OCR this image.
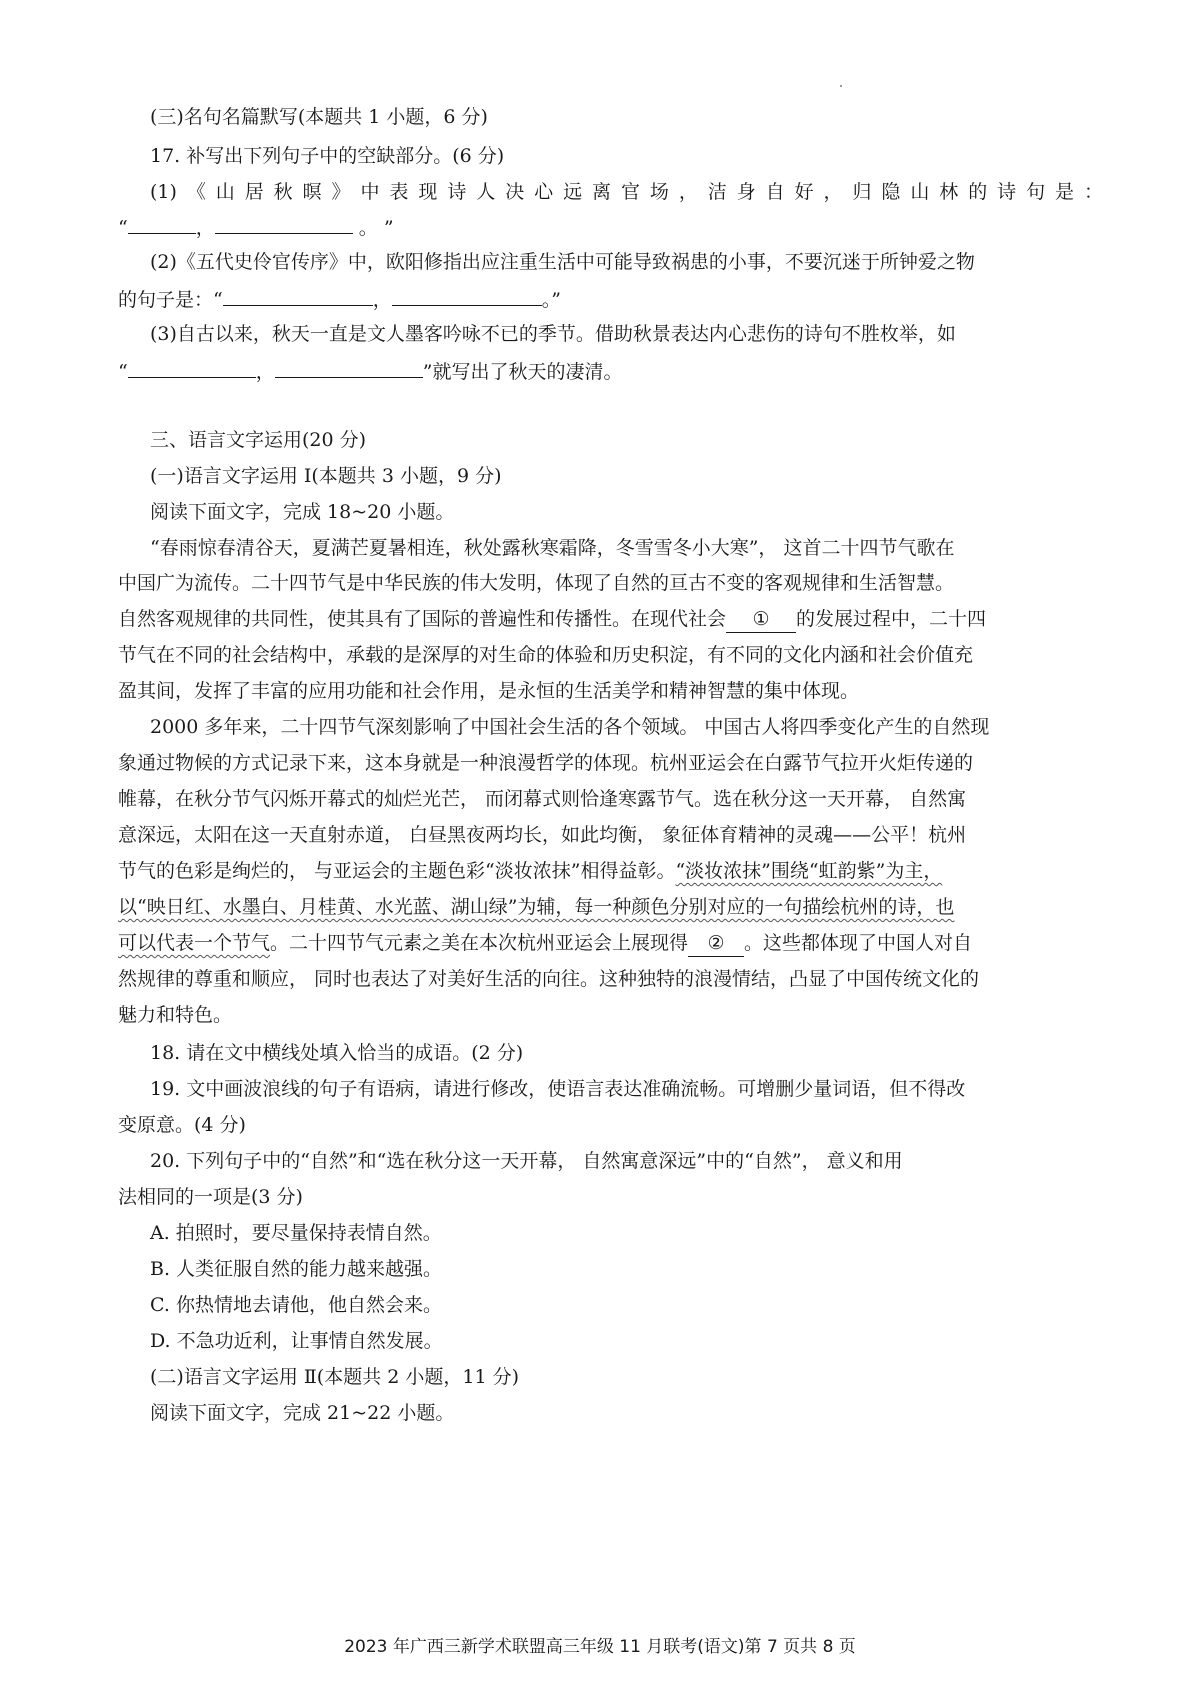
(三)名句名篇默写(本题共 1 小题，6 分)
17. 补写出下列句子中的空缺部分。(6 分)
(1)《山居秋暝》中表现诗人决心远离官场，洁身自好，归隐山林的诗句是：
“	，	。 ”
(2)《五代史伶官传序》中，欧阳修指出应注重生活中可能导致祸患的小事，不要沉迷于所钟爱之物
的句子是：“	，	。”
(3)自古以来，秋天一直是文人墨客吟咏不已的季节。借助秋景表达内心悲伤的诗句不胜枚举，如
“	，	”就写出了秋天的凄清。
三、语言文字运用(20 分)
(一)语言文字运用 I(本题共 3 小题，9 分)
阅读下面文字，完成 18~20 小题。
“春雨惊春清谷天，夏满芒夏暑相连，秋处露秋寒霜降，冬雪雪冬小大寒”， 这首二十四节气歌在
中国广为流传。二十四节气是中华民族的伟大发明，体现了自然的亘古不变的客观规律和生活智慧。
自然客观规律的共同性，使其具有了国际的普遍性和传播性。在现代社会 ① 的发展过程中，二十四
节气在不同的社会结构中，承载的是深厚的对生命的体验和历史积淀，有不同的文化内涵和社会价值充
盈其间，发挥了丰富的应用功能和社会作用，是永恒的生活美学和精神智慧的集中体现。
2000 多年来，二十四节气深刻影响了中国社会生活的各个领域。 中国古人将四季变化产生的自然现
象通过物候的方式记录下来，这本身就是一种浪漫哲学的体现。杭州亚运会在白露节气拉开火炬传递的
帷幕，在秋分节气闪烁开幕式的灿烂光芒， 而闭幕式则恰逢寒露节气。选在秋分这一天开幕， 自然寓
意深远，太阳在这一天直射赤道， 白昼黑夜两均长，如此均衡， 象征体育精神的灵魂——公平！杭州
节气的色彩是绚烂的， 与亚运会的主题色彩“淡妆浓抹”相得益彰。“淡妆浓抹”围绕“虹韵紫”为主，
以“映日红、水墨白、月桂黄、水光蓝、湖山绿”为辅，每一种颜色分别对应的一句描绘杭州的诗，也
可以代表一个节气。二十四节气元素之美在本次杭州亚运会上展现得 ② 。这些都体现了中国人对自
然规律的尊重和顺应， 同时也表达了对美好生活的向往。这种独特的浪漫情结，凸显了中国传统文化的
魅力和特色。
18. 请在文中横线处填入恰当的成语。(2 分)
19. 文中画波浪线的句子有语病，请进行修改，使语言表达准确流畅。可增删少量词语，但不得改
变原意。(4 分)
20. 下列句子中的“自然”和“选在秋分这一天开幕， 自然寓意深远”中的“自然”， 意义和用
法相同的一项是(3 分)
A. 拍照时，要尽量保持表情自然。
B. 人类征服自然的能力越来越强。
C. 你热情地去请他，他自然会来。
D. 不急功近利，让事情自然发展。
(二)语言文字运用 Ⅱ(本题共 2 小题，11 分)
阅读下面文字，完成 21~22 小题。
2023 年广西三新学术联盟高三年级 11 月联考(语文)第 7 页共 8 页
